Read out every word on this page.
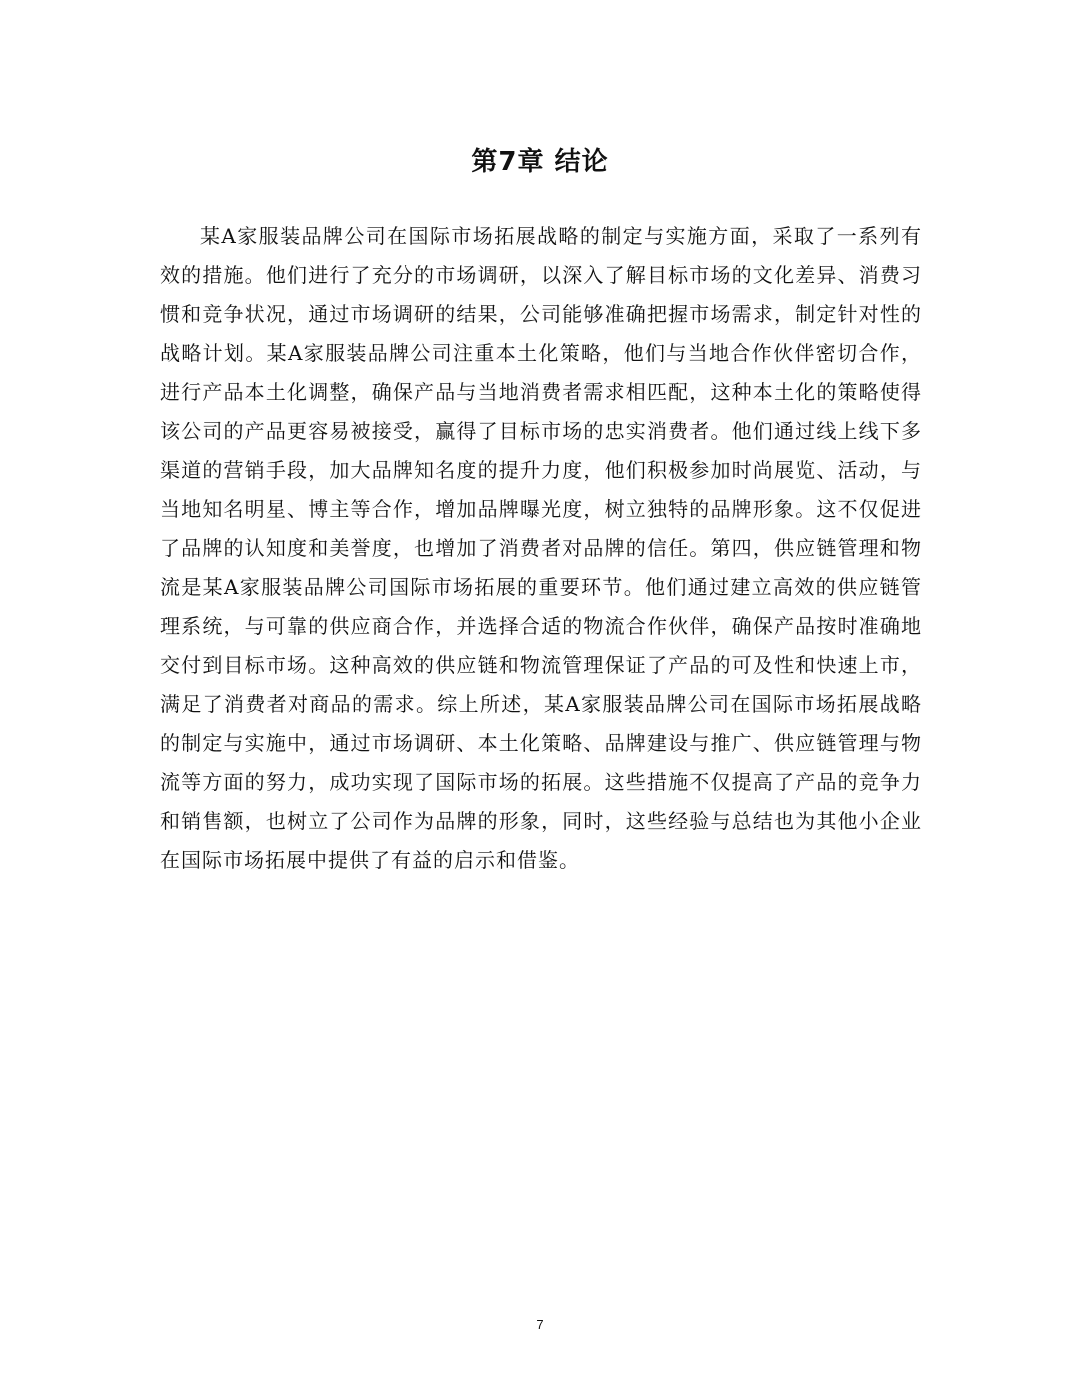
第7章 结论

某A家服装品牌公司在国际市场拓展战略的制定与实施方面，采取了一系列有效的措施。他们进行了充分的市场调研，以深入了解目标市场的文化差异、消费习惯和竞争状况，通过市场调研的结果，公司能够准确把握市场需求，制定针对性的战略计划。某A家服装品牌公司注重本土化策略，他们与当地合作伙伴密切合作，进行产品本土化调整，确保产品与当地消费者需求相匹配，这种本土化的策略使得该公司的产品更容易被接受，赢得了目标市场的忠实消费者。他们通过线上线下多渠道的营销手段，加大品牌知名度的提升力度，他们积极参加时尚展览、活动，与当地知名明星、博主等合作，增加品牌曝光度，树立独特的品牌形象。这不仅促进了品牌的认知度和美誉度，也增加了消费者对品牌的信任。第四，供应链管理和物流是某A家服装品牌公司国际市场拓展的重要环节。他们通过建立高效的供应链管理系统，与可靠的供应商合作，并选择合适的物流合作伙伴，确保产品按时准确地交付到目标市场。这种高效的供应链和物流管理保证了产品的可及性和快速上市，满足了消费者对商品的需求。综上所述，某A家服装品牌公司在国际市场拓展战略的制定与实施中，通过市场调研、本土化策略、品牌建设与推广、供应链管理与物流等方面的努力，成功实现了国际市场的拓展。这些措施不仅提高了产品的竞争力和销售额，也树立了公司作为品牌的形象，同时，这些经验与总结也为其他小企业在国际市场拓展中提供了有益的启示和借鉴。

7
